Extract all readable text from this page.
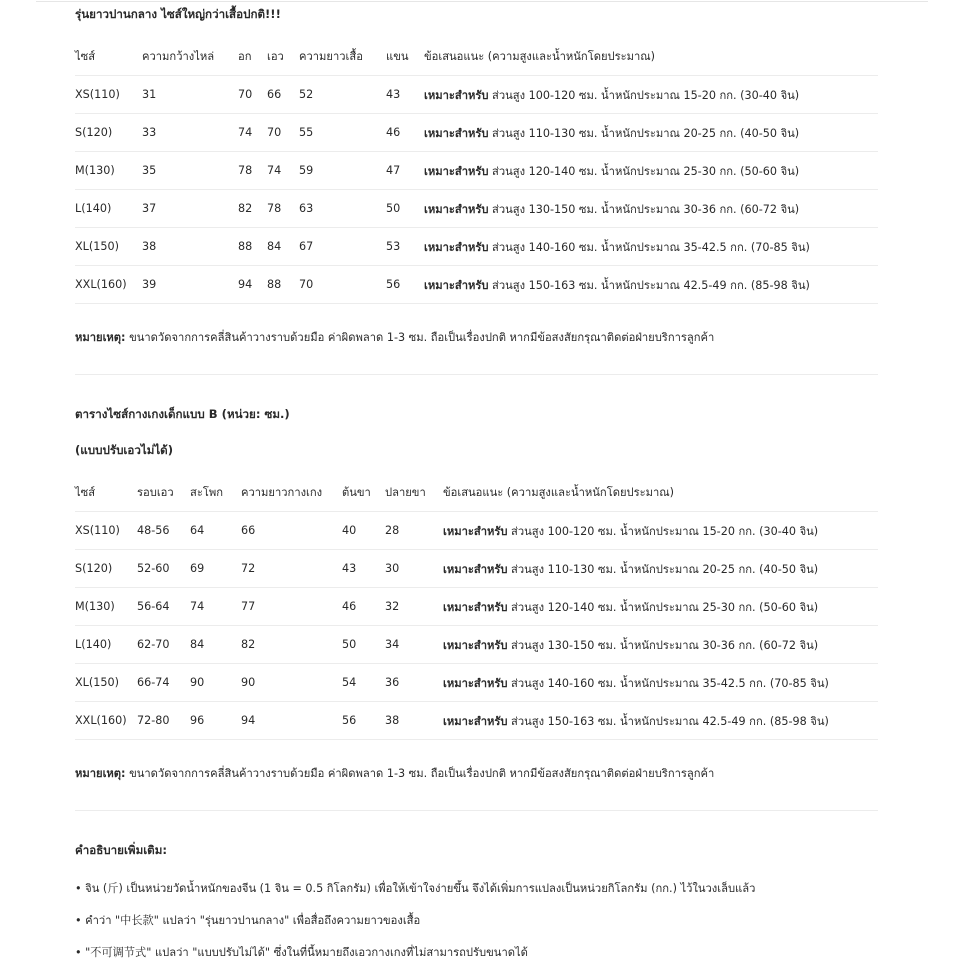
รุ่นยาวปานกลาง ไซส์ใหญ่กว่าเสื้อปกติ!!!
ไซส์	ความกว้างไหล่	อก	เอว	ความยาวเสื้อ	แขน	ข้อเสนอแนะ (ความสูงและน้ำหนักโดยประมาณ)
XS(110)	31	70	66	52	43	เหมาะสำหรับ ส่วนสูง 100-120 ซม. น้ำหนักประมาณ 15-20 กก. (30-40 จิน)
S(120)	33	74	70	55	46	เหมาะสำหรับ ส่วนสูง 110-130 ซม. น้ำหนักประมาณ 20-25 กก. (40-50 จิน)
M(130)	35	78	74	59	47	เหมาะสำหรับ ส่วนสูง 120-140 ซม. น้ำหนักประมาณ 25-30 กก. (50-60 จิน)
L(140)	37	82	78	63	50	เหมาะสำหรับ ส่วนสูง 130-150 ซม. น้ำหนักประมาณ 30-36 กก. (60-72 จิน)
XL(150)	38	88	84	67	53	เหมาะสำหรับ ส่วนสูง 140-160 ซม. น้ำหนักประมาณ 35-42.5 กก. (70-85 จิน)
XXL(160)	39	94	88	70	56	เหมาะสำหรับ ส่วนสูง 150-163 ซม. น้ำหนักประมาณ 42.5-49 กก. (85-98 จิน)
หมายเหตุ: ขนาดวัดจากการคลี่สินค้าวางราบด้วยมือ ค่าผิดพลาด 1-3 ซม. ถือเป็นเรื่องปกติ หากมีข้อสงสัยกรุณาติดต่อฝ่ายบริการลูกค้า
ตารางไซส์กางเกงเด็กแบบ B (หน่วย: ซม.)
(แบบปรับเอวไม่ได้)
ไซส์	รอบเอว	สะโพก	ความยาวกางเกง	ต้นขา	ปลายขา	ข้อเสนอแนะ (ความสูงและน้ำหนักโดยประมาณ)
XS(110)	48-56	64	66	40	28	เหมาะสำหรับ ส่วนสูง 100-120 ซม. น้ำหนักประมาณ 15-20 กก. (30-40 จิน)
S(120)	52-60	69	72	43	30	เหมาะสำหรับ ส่วนสูง 110-130 ซม. น้ำหนักประมาณ 20-25 กก. (40-50 จิน)
M(130)	56-64	74	77	46	32	เหมาะสำหรับ ส่วนสูง 120-140 ซม. น้ำหนักประมาณ 25-30 กก. (50-60 จิน)
L(140)	62-70	84	82	50	34	เหมาะสำหรับ ส่วนสูง 130-150 ซม. น้ำหนักประมาณ 30-36 กก. (60-72 จิน)
XL(150)	66-74	90	90	54	36	เหมาะสำหรับ ส่วนสูง 140-160 ซม. น้ำหนักประมาณ 35-42.5 กก. (70-85 จิน)
XXL(160)	72-80	96	94	56	38	เหมาะสำหรับ ส่วนสูง 150-163 ซม. น้ำหนักประมาณ 42.5-49 กก. (85-98 จิน)
หมายเหตุ: ขนาดวัดจากการคลี่สินค้าวางราบด้วยมือ ค่าผิดพลาด 1-3 ซม. ถือเป็นเรื่องปกติ หากมีข้อสงสัยกรุณาติดต่อฝ่ายบริการลูกค้า
คำอธิบายเพิ่มเติม:
• จิน (斤) เป็นหน่วยวัดน้ำหนักของจีน (1 จิน = 0.5 กิโลกรัม) เพื่อให้เข้าใจง่ายขึ้น จึงได้เพิ่มการแปลงเป็นหน่วยกิโลกรัม (กก.) ไว้ในวงเล็บแล้ว
• คำว่า "中长款" แปลว่า "รุ่นยาวปานกลาง" เพื่อสื่อถึงความยาวของเสื้อ
• "不可调节式" แปลว่า "แบบปรับไม่ได้" ซึ่งในที่นี้หมายถึงเอวกางเกงที่ไม่สามารถปรับขนาดได้
